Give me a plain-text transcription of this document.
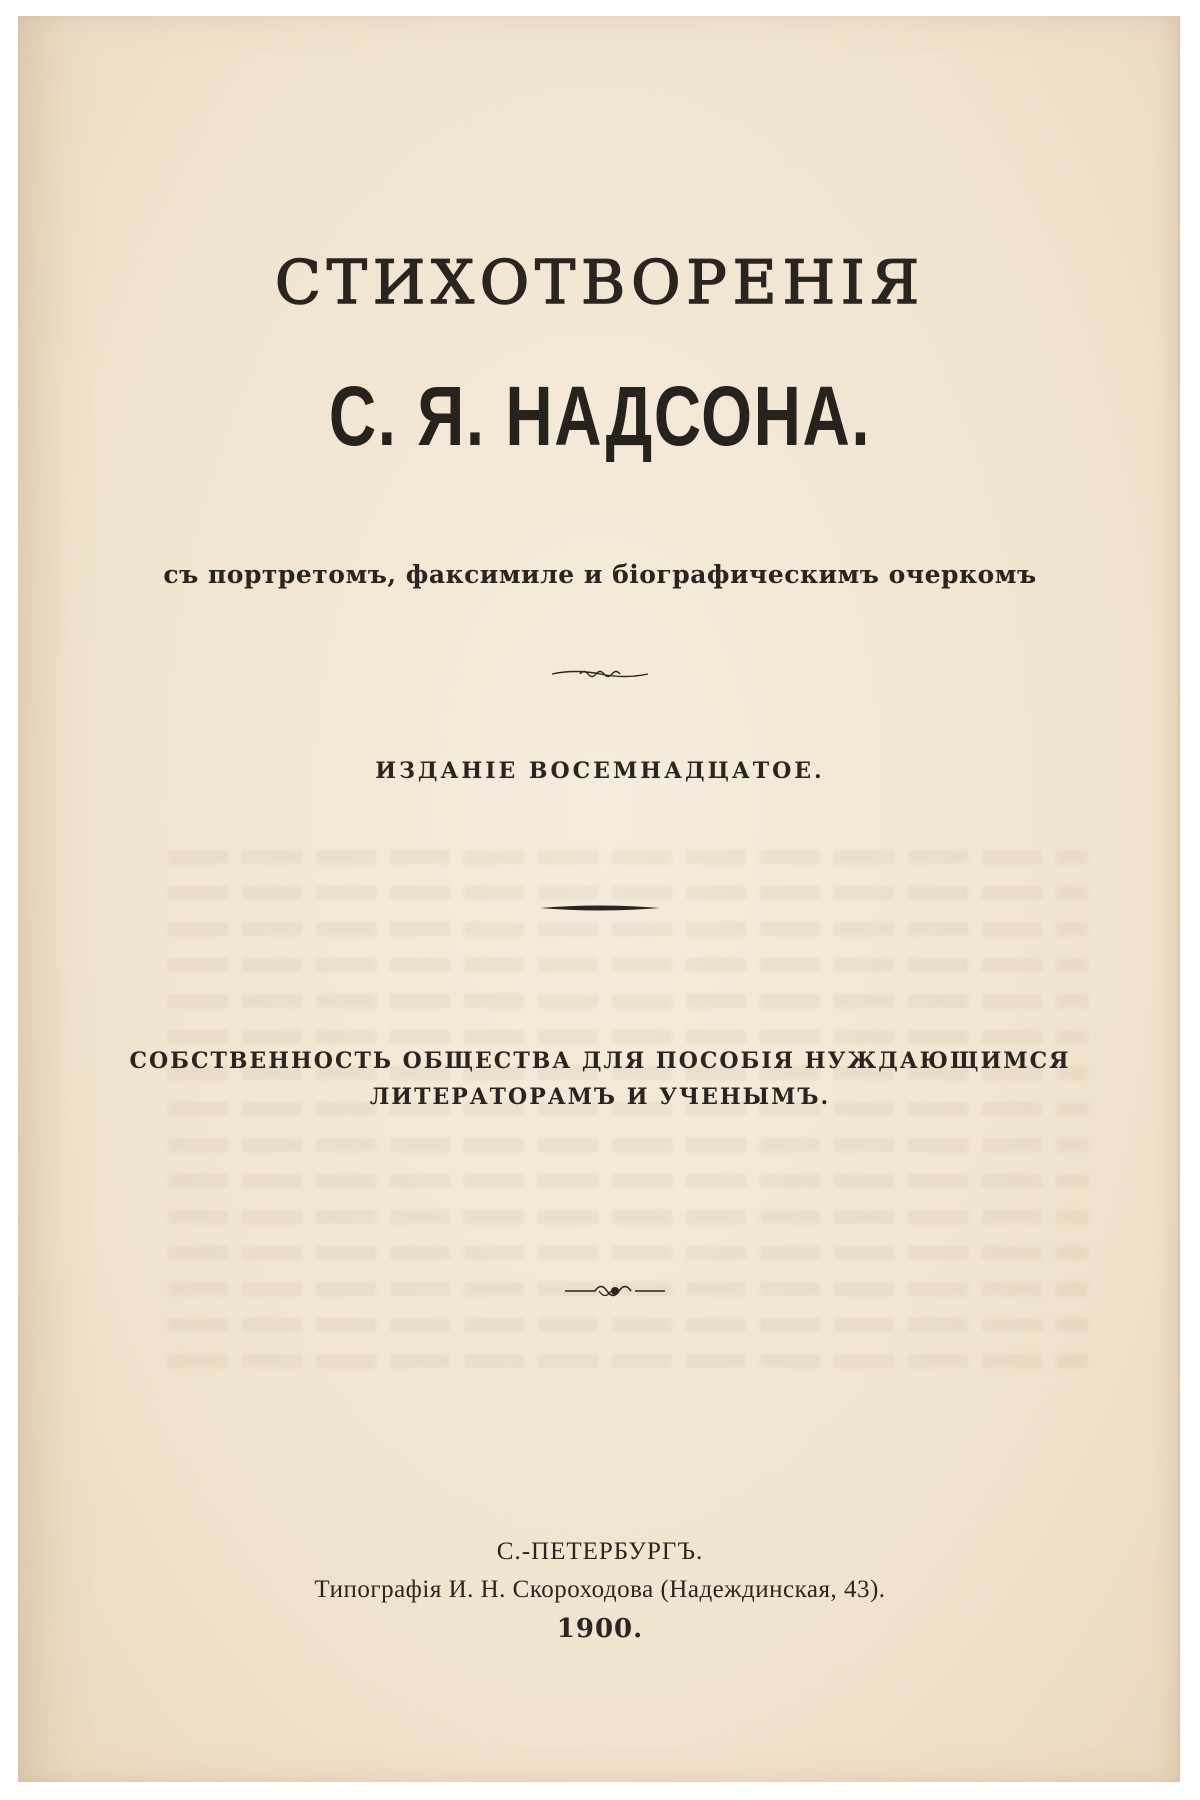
СТИХОТВОРЕНІЯ
С. Я. НАДСОНА.
съ портретомъ, факсимиле и біографическимъ очеркомъ
ИЗДАНІЕ ВОСЕМНАДЦАТОЕ.
СОБСТВЕННОСТЬ ОБЩЕСТВА ДЛЯ ПОСОБІЯ НУЖДАЮЩИМСЯ
ЛИТЕРАТОРАМЪ И УЧЕНЫМЪ.
С.-ПЕТЕРБУРГЪ.
Типографія И. Н. Скороходова (Надеждинская, 43).
1900.
